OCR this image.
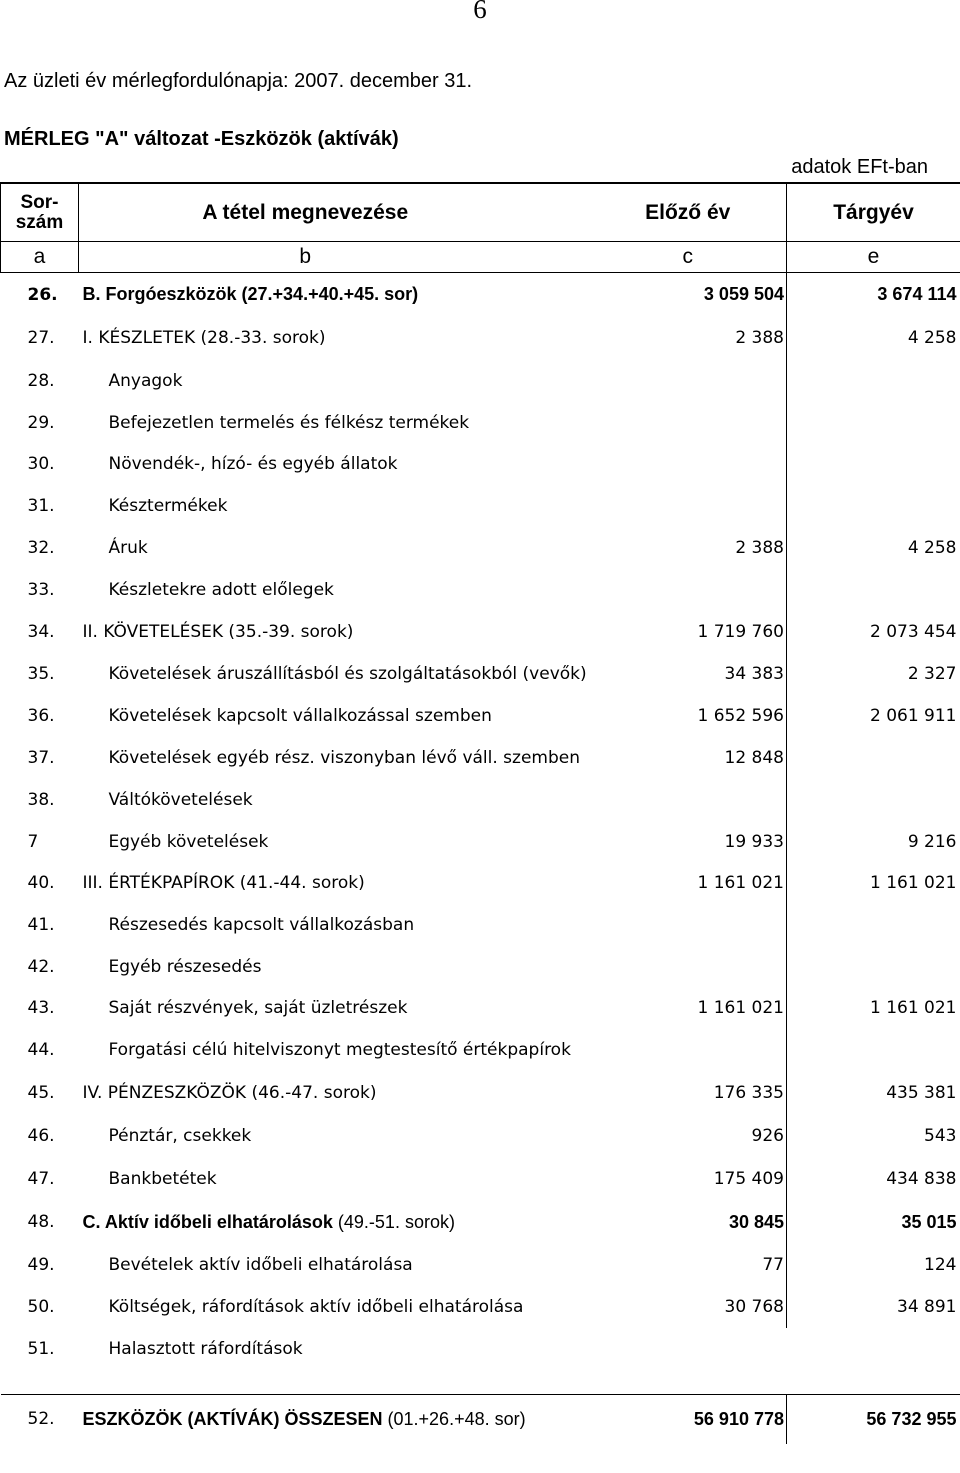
6
Az üzleti év mérlegfordulónapja: 2007. december 31.
MÉRLEG "A" változat -Eszközök (aktívák)
adatok EFt-ban
Sor-
szám	A tétel megnevezése	Előző év	Tárgyév
a	b	c	e
26.	B. Forgóeszközök (27.+34.+40.+45. sor)	3 059 504	3 674 114
27.	I. KÉSZLETEK (28.-33. sorok)	2 388	4 258
28.	Anyagok		
29.	Befejezetlen termelés és félkész termékek		
30.	Növendék-, hízó- és egyéb állatok		
31.	Késztermékek		
32.	Áruk	2 388	4 258
33.	Készletekre adott előlegek		
34.	II. KÖVETELÉSEK (35.-39. sorok)	1 719 760	2 073 454
35.	Követelések áruszállításból és szolgáltatásokból (vevők)	34 383	2 327
36.	Követelések kapcsolt vállalkozással szemben	1 652 596	2 061 911
37.	Követelések egyéb rész. viszonyban lévő váll. szemben	12 848	
38.	Váltókövetelések		
7	Egyéb követelések	19 933	9 216
40.	III. ÉRTÉKPAPÍROK (41.-44. sorok)	1 161 021	1 161 021
41.	Részesedés kapcsolt vállalkozásban		
42.	Egyéb részesedés		
43.	Saját részvények, saját üzletrészek	1 161 021	1 161 021
44.	Forgatási célú hitelviszonyt megtestesítő értékpapírok		
45.	IV. PÉNZESZKÖZÖK (46.-47. sorok)	176 335	435 381
46.	Pénztár, csekkek	926	543
47.	Bankbetétek	175 409	434 838
48.	C. Aktív időbeli elhatárolások (49.-51. sorok)	30 845	35 015
49.	Bevételek aktív időbeli elhatárolása	77	124
50.	Költségek, ráfordítások aktív időbeli elhatárolása	30 768	34 891
51.	Halasztott ráfordítások		

52.	ESZKÖZÖK (AKTÍVÁK) ÖSSZESEN (01.+26.+48. sor)	56 910 778	56 732 955
